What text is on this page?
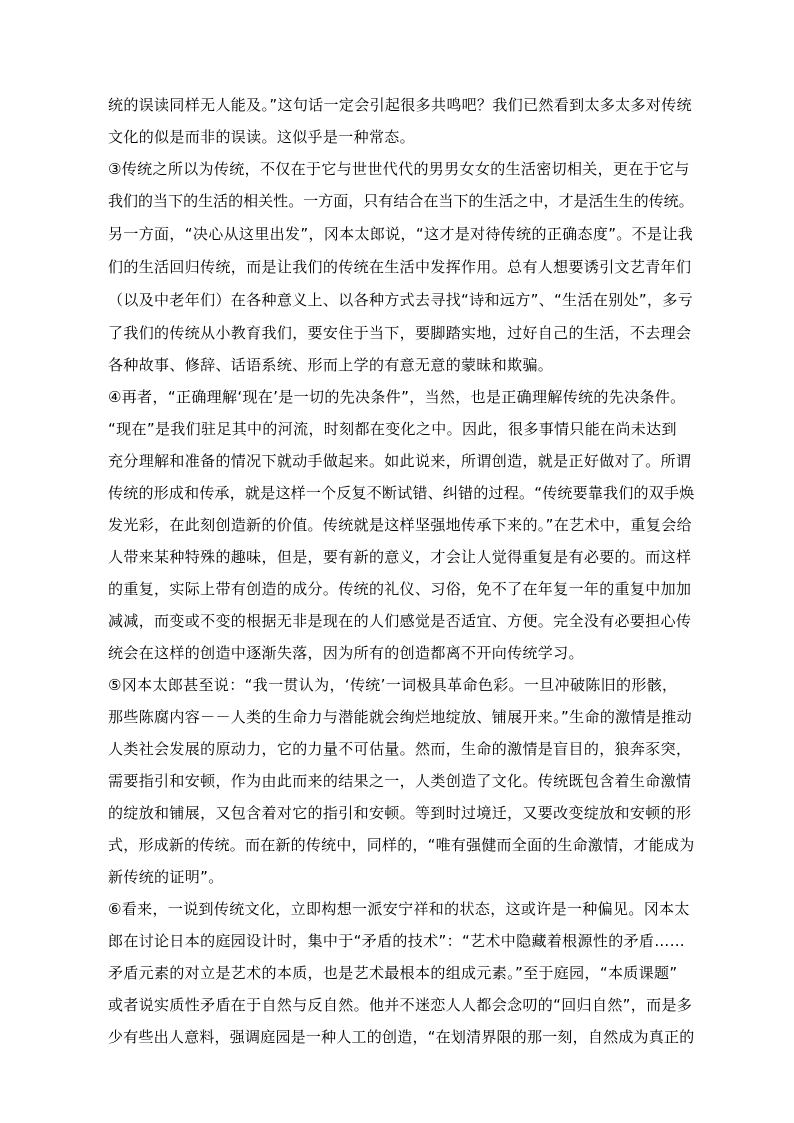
统的误读同样无人能及。”这句话一定会引起很多共鸣吧？我们已然看到太多太多对传统
文化的似是而非的误读。这似乎是一种常态。
③传统之所以为传统，不仅在于它与世世代代的男男女女的生活密切相关，更在于它与
我们的当下的生活的相关性。一方面，只有结合在当下的生活之中，才是活生生的传统。
另一方面，“决心从这里出发”，冈本太郎说，“这才是对待传统的正确态度”。不是让我
们的生活回归传统，而是让我们的传统在生活中发挥作用。总有人想要诱引文艺青年们
（以及中老年们）在各种意义上、以各种方式去寻找“诗和远方”、“生活在别处”，多亏
了我们的传统从小教育我们，要安住于当下，要脚踏实地，过好自己的生活，不去理会
各种故事、修辞、话语系统、形而上学的有意无意的蒙昧和欺骗。
④再者，“正确理解‘现在’是一切的先决条件”，当然，也是正确理解传统的先决条件。
“现在”是我们驻足其中的河流，时刻都在变化之中。因此，很多事情只能在尚未达到
充分理解和准备的情况下就动手做起来。如此说来，所谓创造，就是正好做对了。所谓
传统的形成和传承，就是这样一个反复不断试错、纠错的过程。“传统要靠我们的双手焕
发光彩，在此刻创造新的价值。传统就是这样坚强地传承下来的。”在艺术中，重复会给
人带来某种特殊的趣味，但是，要有新的意义，才会让人觉得重复是有必要的。而这样
的重复，实际上带有创造的成分。传统的礼仪、习俗，免不了在年复一年的重复中加加
减减，而变或不变的根据无非是现在的人们感觉是否适宜、方便。完全没有必要担心传
统会在这样的创造中逐渐失落，因为所有的创造都离不开向传统学习。
⑤冈本太郎甚至说：“我一贯认为，‘传统’一词极具革命色彩。一旦冲破陈旧的形骸，
那些陈腐内容－－人类的生命力与潜能就会绚烂地绽放、铺展开来。”生命的激情是推动
人类社会发展的原动力，它的力量不可估量。然而，生命的激情是盲目的，狼奔豕突，
需要指引和安顿，作为由此而来的结果之一，人类创造了文化。传统既包含着生命激情
的绽放和铺展，又包含着对它的指引和安顿。等到时过境迁，又要改变绽放和安顿的形
式，形成新的传统。而在新的传统中，同样的，“唯有强健而全面的生命激情，才能成为
新传统的证明”。
⑥看来，一说到传统文化，立即构想一派安宁祥和的状态，这或许是一种偏见。冈本太
郎在讨论日本的庭园设计时，集中于“矛盾的技术”：“艺术中隐藏着根源性的矛盾……
矛盾元素的对立是艺术的本质，也是艺术最根本的组成元素。”至于庭园，“本质课题”
或者说实质性矛盾在于自然与反自然。他并不迷恋人人都会念叨的“回归自然”，而是多
少有些出人意料，强调庭园是一种人工的创造，“在划清界限的那一刻，自然成为真正的
